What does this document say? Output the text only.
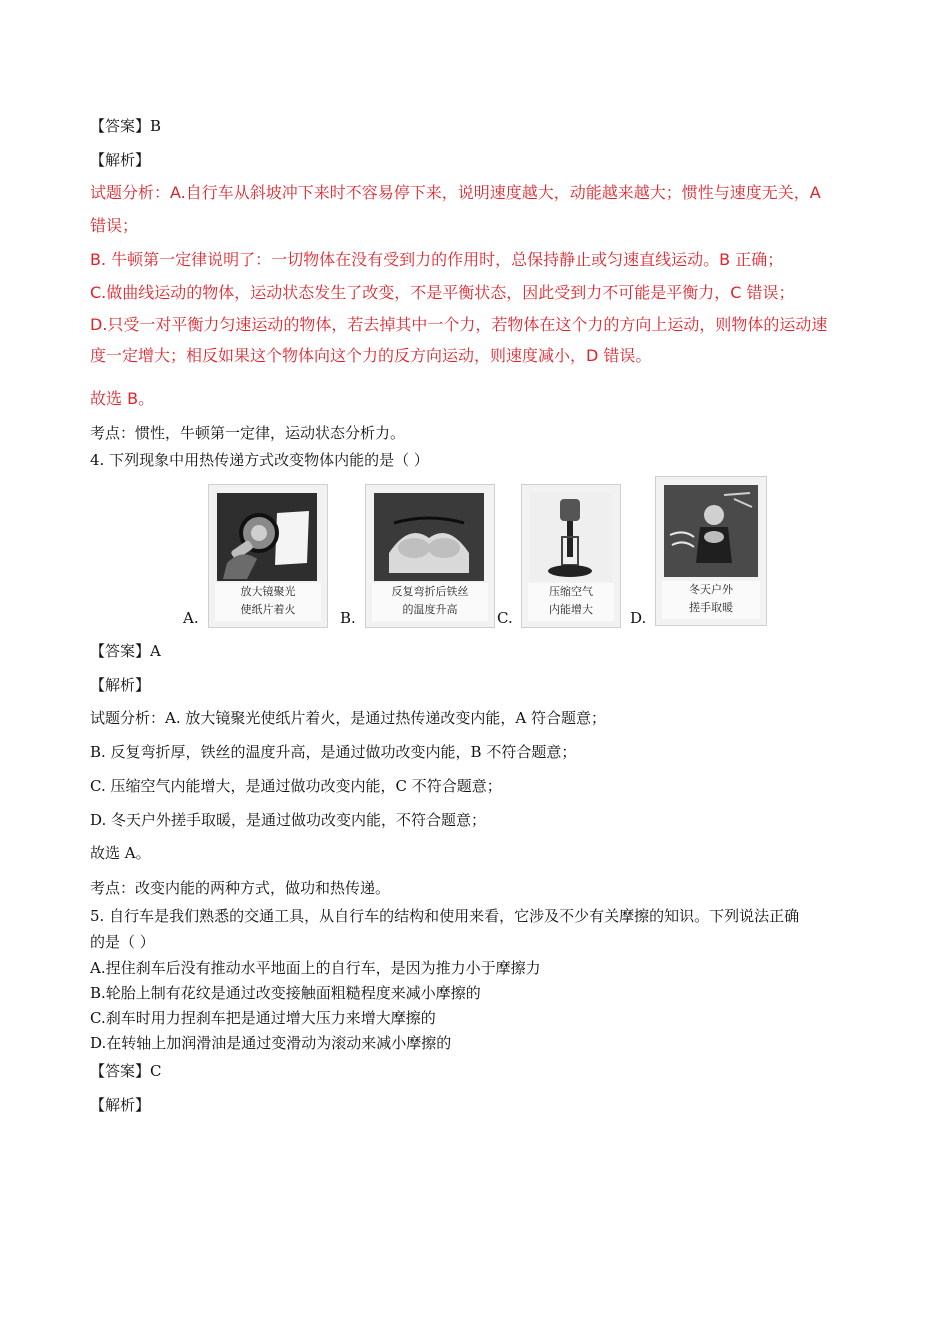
【答案】B
【解析】
试题分析：A.自行车从斜坡冲下来时不容易停下来，说明速度越大，动能越来越大；惯性与速度无关，A
错误；
B. 牛顿第一定律说明了：一切物体在没有受到力的作用时，总保持静止或匀速直线运动。B 正确；
C.做曲线运动的物体，运动状态发生了改变，不是平衡状态，因此受到力不可能是平衡力，C 错误；
D.只受一对平衡力匀速运动的物体，若去掉其中一个力，若物体在这个力的方向上运动，则物体的运动速
度一定增大；相反如果这个物体向这个力的反方向运动，则速度减小，D 错误。
故选 B。
考点：惯性，牛顿第一定律，运动状态分析力。
4. 下列现象中用热传递方式改变物体内能的是（ ）
A.
放大镜聚光
使纸片着火	B.
反复弯折后铁丝
的温度升高	C.
压缩空气
内能增大	D.
冬天户外
搓手取暖
【答案】A
【解析】
试题分析：A. 放大镜聚光使纸片着火，是通过热传递改变内能，A 符合题意；
B. 反复弯折厚，铁丝的温度升高，是通过做功改变内能，B 不符合题意；
C. 压缩空气内能增大，是通过做功改变内能，C 不符合题意；
D. 冬天户外搓手取暖，是通过做功改变内能，不符合题意；
故选 A。
考点：改变内能的两种方式，做功和热传递。
5. 自行车是我们熟悉的交通工具，从自行车的结构和使用来看，它涉及不少有关摩擦的知识。下列说法正确
的是（ ）
A.捏住刹车后没有推动水平地面上的自行车，是因为推力小于摩擦力
B.轮胎上制有花纹是通过改变接触面粗糙程度来减小摩擦的
C.刹车时用力捏刹车把是通过增大压力来增大摩擦的
D.在转轴上加润滑油是通过变滑动为滚动来减小摩擦的
【答案】C
【解析】
